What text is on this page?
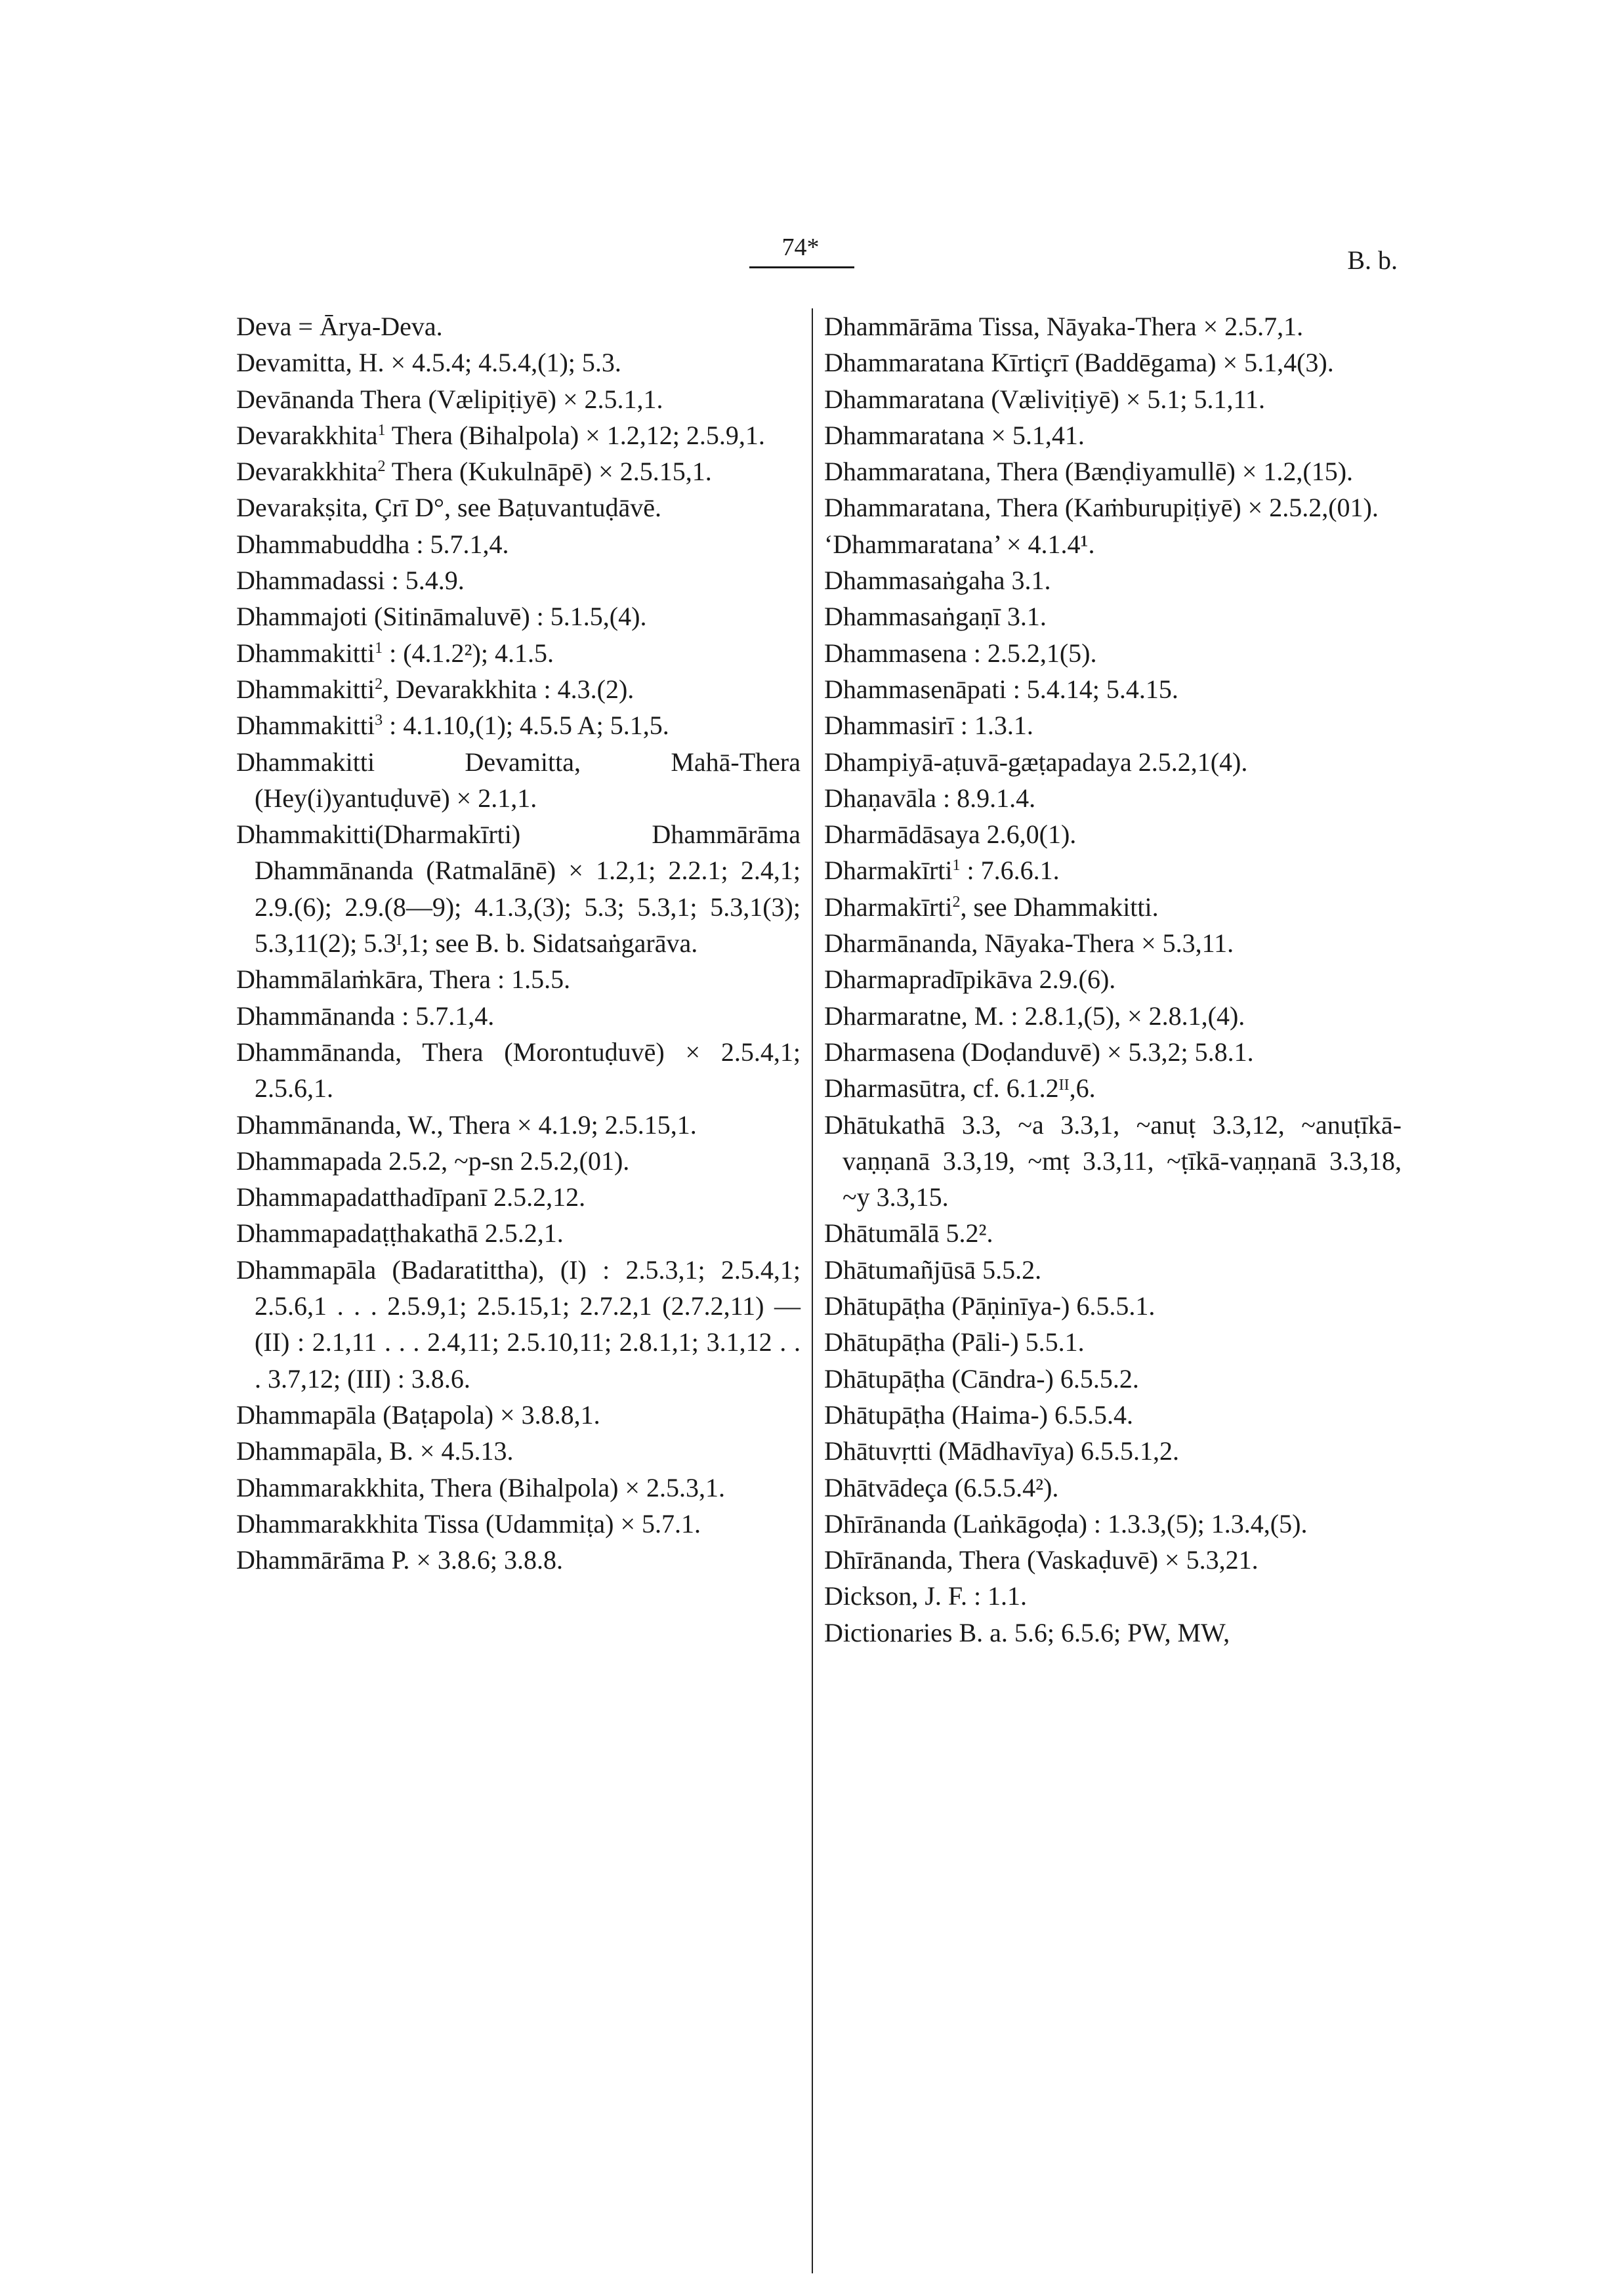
74*	B. b.

Deva = Ārya-Deva.

Devamitta, H. × 4.5.4; 4.5.4,(1); 5.3.

Devānanda Thera (Vælipiṭiyē) × 2.5.1,1.

Devarakkhita$^1$ Thera (Bihalpola) × 1.2,12; 2.5.9,1.

Devarakkhita$^2$ Thera (Kukulnāpē) × 2.5.15,1.

Devarakṣita, Çrī D°, see Baṭuvantuḍāvē.

Dhammabuddha : 5.7.1,4.

Dhammadassi : 5.4.9.

Dhammajoti (Sitināmaluvē) : 5.1.5,(4).

Dhammakitti$^1$ : (4.1.2²); 4.1.5.

Dhammakitti$^2$, Devarakkhita : 4.3.(2).

Dhammakitti$^3$ : 4.1.10,(1); 4.5.5 A; 5.1,5.

Dhammakitti Devamitta, Mahā-Thera (Hey(i)yantuḍuvē) × 2.1,1.

Dhammakitti(Dharmakīrti) Dhammārāma Dhammānanda (Ratmalānē) × 1.2,1; 2.2.1; 2.4,1; 2.9.(6); 2.9.(8—9); 4.1.3,(3); 5.3; 5.3,1; 5.3,1(3); 5.3,11(2); 5.3ᴵ,1; see B. b. Sidatsaṅgarāva.

Dhammālaṁkāra, Thera : 1.5.5.

Dhammānanda : 5.7.1,4.

Dhammānanda, Thera (Morontuḍuvē) × 2.5.4,1; 2.5.6,1.

Dhammānanda, W., Thera × 4.1.9; 2.5.15,1.

Dhammapada 2.5.2, ~p-sn 2.5.2,(01).

Dhammapadatthadīpanī 2.5.2,12.

Dhammapadaṭṭhakathā 2.5.2,1.

Dhammapāla (Badaratittha), (I) : 2.5.3,1; 2.5.4,1; 2.5.6,1 . . . 2.5.9,1; 2.5.15,1; 2.7.2,1 (2.7.2,11) — (II) : 2.1,11 . . . 2.4,11; 2.5.10,11; 2.8.1,1; 3.1,12 . . . 3.7,12; (III) : 3.8.6.

Dhammapāla (Baṭapola) × 3.8.8,1.

Dhammapāla, B. × 4.5.13.

Dhammarakkhita, Thera (Bihalpola) × 2.5.3,1.

Dhammarakkhita Tissa (Udammiṭa) × 5.7.1.

Dhammārāma P. × 3.8.6; 3.8.8.

Dhammārāma Tissa, Nāyaka-Thera × 2.5.7,1.

Dhammaratana Kīrtiçrī (Baddēgama) × 5.1,4(3).

Dhammaratana (Væliviṭiyē) × 5.1; 5.1,11.

Dhammaratana × 5.1,41.

Dhammaratana, Thera (Bænḍiyamullē) × 1.2,(15).

Dhammaratana, Thera (Kaṁburupiṭiyē) × 2.5.2,(01).

‘Dhammaratana’ × 4.1.4¹.

Dhammasaṅgaha 3.1.

Dhammasaṅgaṇī 3.1.

Dhammasena : 2.5.2,1(5).

Dhammasenāpati : 5.4.14; 5.4.15.

Dhammasirī : 1.3.1.

Dhampiyā-aṭuvā-gæṭapadaya 2.5.2,1(4).

Dhaṇavāla : 8.9.1.4.

Dharmādāsaya 2.6,0(1).

Dharmakīrti$^1$ : 7.6.6.1.

Dharmakīrti$^2$, see Dhammakitti.

Dharmānanda, Nāyaka-Thera × 5.3,11.

Dharmapradīpikāva 2.9.(6).

Dharmaratne, M. : 2.8.1,(5), × 2.8.1,(4).

Dharmasena (Doḍanduvē) × 5.3,2; 5.8.1.

Dharmasūtra, cf. 6.1.2ᴵᴵ,6.

Dhātukathā 3.3, ~a 3.3,1, ~anuṭ 3.3,12, ~anuṭīkā-vaṇṇanā 3.3,19, ~mṭ 3.3,11, ~ṭīkā-vaṇṇanā 3.3,18, ~y 3.3,15.

Dhātumālā 5.2².

Dhātumañjūsā 5.5.2.

Dhātupāṭha (Pāṇinīya-) 6.5.5.1.

Dhātupāṭha (Pāli-) 5.5.1.

Dhātupāṭha (Cāndra-) 6.5.5.2.

Dhātupāṭha (Haima-) 6.5.5.4.

Dhātuvṛtti (Mādhavīya) 6.5.5.1,2.

Dhātvādeça (6.5.5.4²).

Dhīrānanda (Laṅkāgoḍa) : 1.3.3,(5); 1.3.4,(5).

Dhīrānanda, Thera (Vaskaḍuvē) × 5.3,21.

Dickson, J. F. : 1.1.

Dictionaries B. a. 5.6; 6.5.6; PW, MW,
